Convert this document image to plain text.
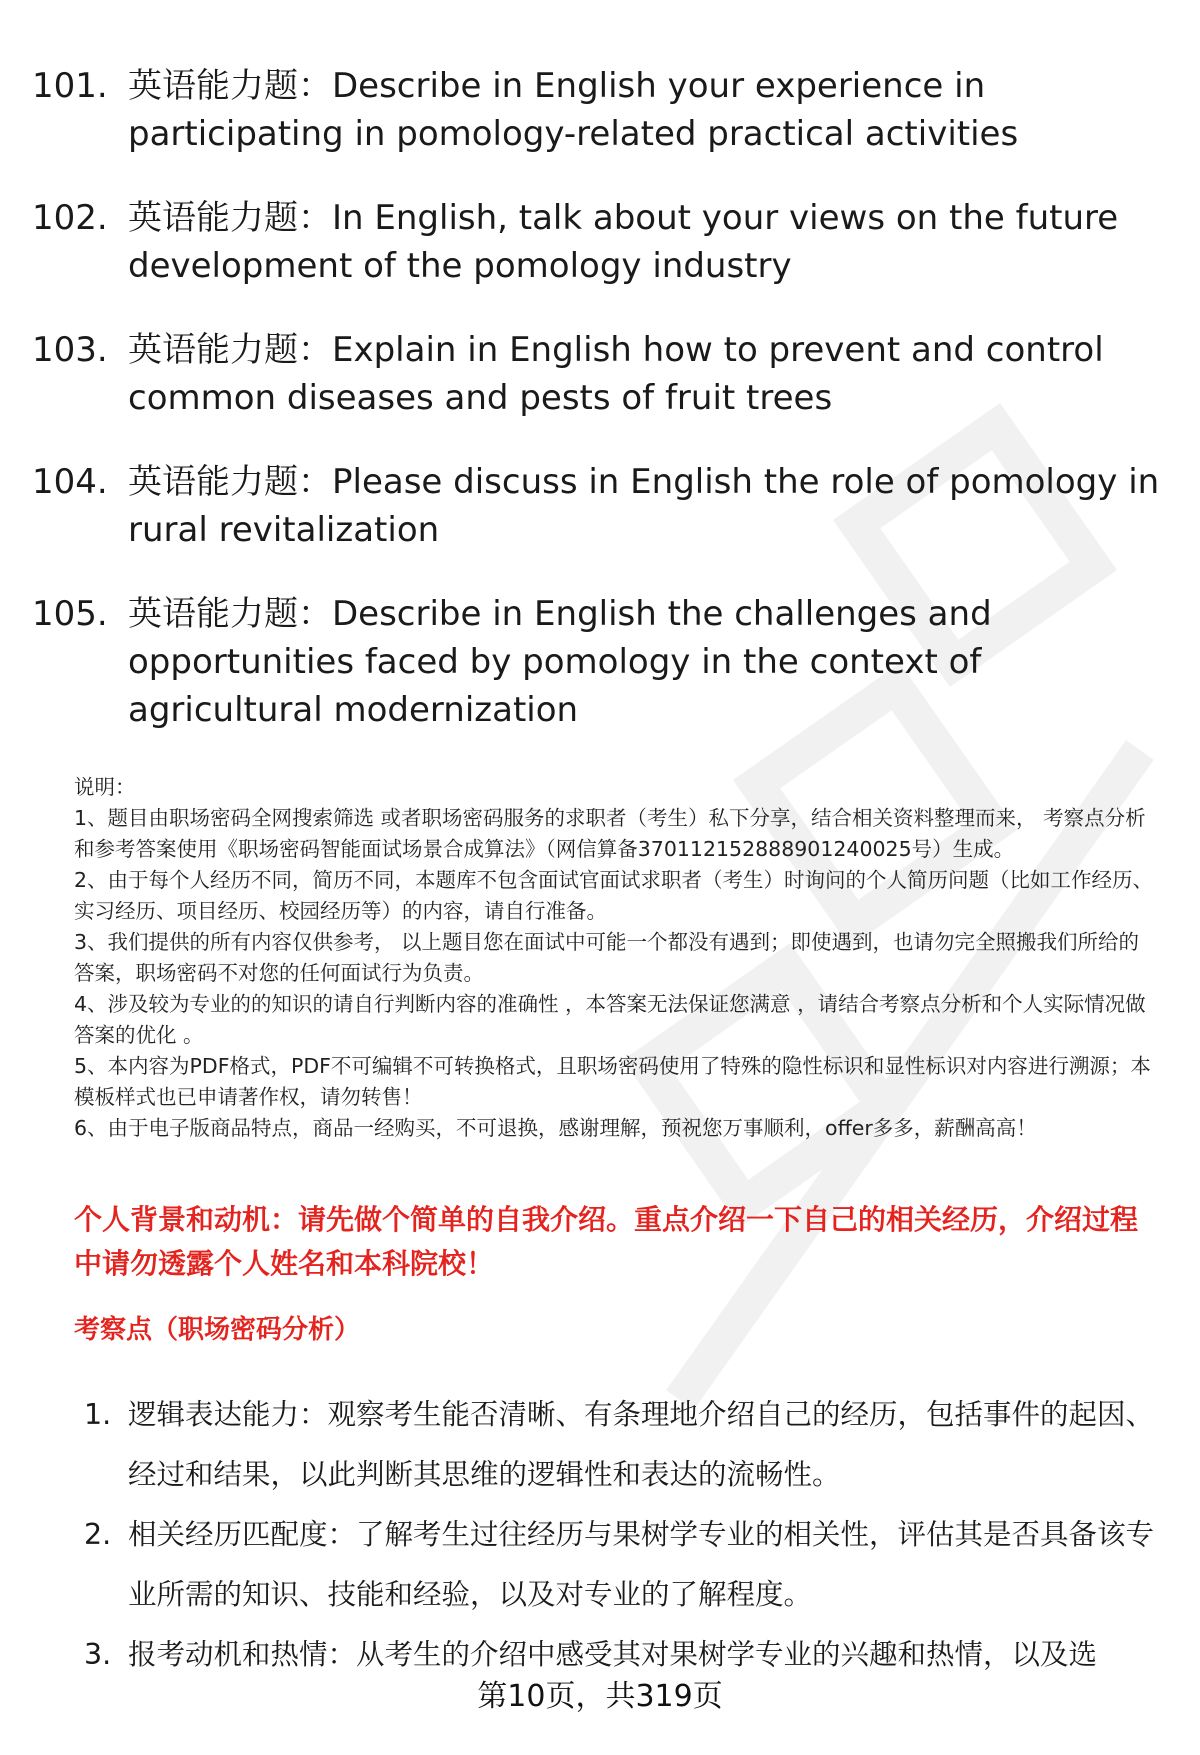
101. 英语能力题：Describe in English your experience in participating in pomology-related practical activities
102. 英语能力题：In English, talk about your views on the future development of the pomology industry
103. 英语能力题：Explain in English how to prevent and control common diseases and pests of fruit trees
104. 英语能力题：Please discuss in English the role of pomology in rural revitalization
105. 英语能力题：Describe in English the challenges and opportunities faced by pomology in the context of agricultural modernization
说明：
1、题目由职场密码全网搜索筛选 或者职场密码服务的求职者（考生）私下分享，结合相关资料整理而来， 考察点分析和参考答案使用《职场密码智能面试场景合成算法》（网信算备370112152888901240025号）生成。
2、由于每个人经历不同，简历不同，本题库不包含面试官面试求职者（考生）时询问的个人简历问题（比如工作经历、实习经历、项目经历、校园经历等）的内容，请自行准备。
3、我们提供的所有内容仅供参考， 以上题目您在面试中可能一个都没有遇到；即使遇到，也请勿完全照搬我们所给的答案，职场密码不对您的任何面试行为负责。
4、涉及较为专业的的知识的请自行判断内容的准确性 ，本答案无法保证您满意 ，请结合考察点分析和个人实际情况做答案的优化 。
5、本内容为PDF格式，PDF不可编辑不可转换格式，且职场密码使用了特殊的隐性标识和显性标识对内容进行溯源；本模板样式也已申请著作权，请勿转售！
6、由于电子版商品特点，商品一经购买，不可退换，感谢理解，预祝您万事顺利，offer多多，薪酬高高！
个人背景和动机：请先做个简单的自我介绍。重点介绍一下自己的相关经历，介绍过程中请勿透露个人姓名和本科院校！
考察点（职场密码分析）
1. 逻辑表达能力：观察考生能否清晰、有条理地介绍自己的经历，包括事件的起因、经过和结果，以此判断其思维的逻辑性和表达的流畅性。
2. 相关经历匹配度：了解考生过往经历与果树学专业的相关性，评估其是否具备该专业所需的知识、技能和经验，以及对专业的了解程度。
3. 报考动机和热情：从考生的介绍中感受其对果树学专业的兴趣和热情，以及选
第10页，共319页
